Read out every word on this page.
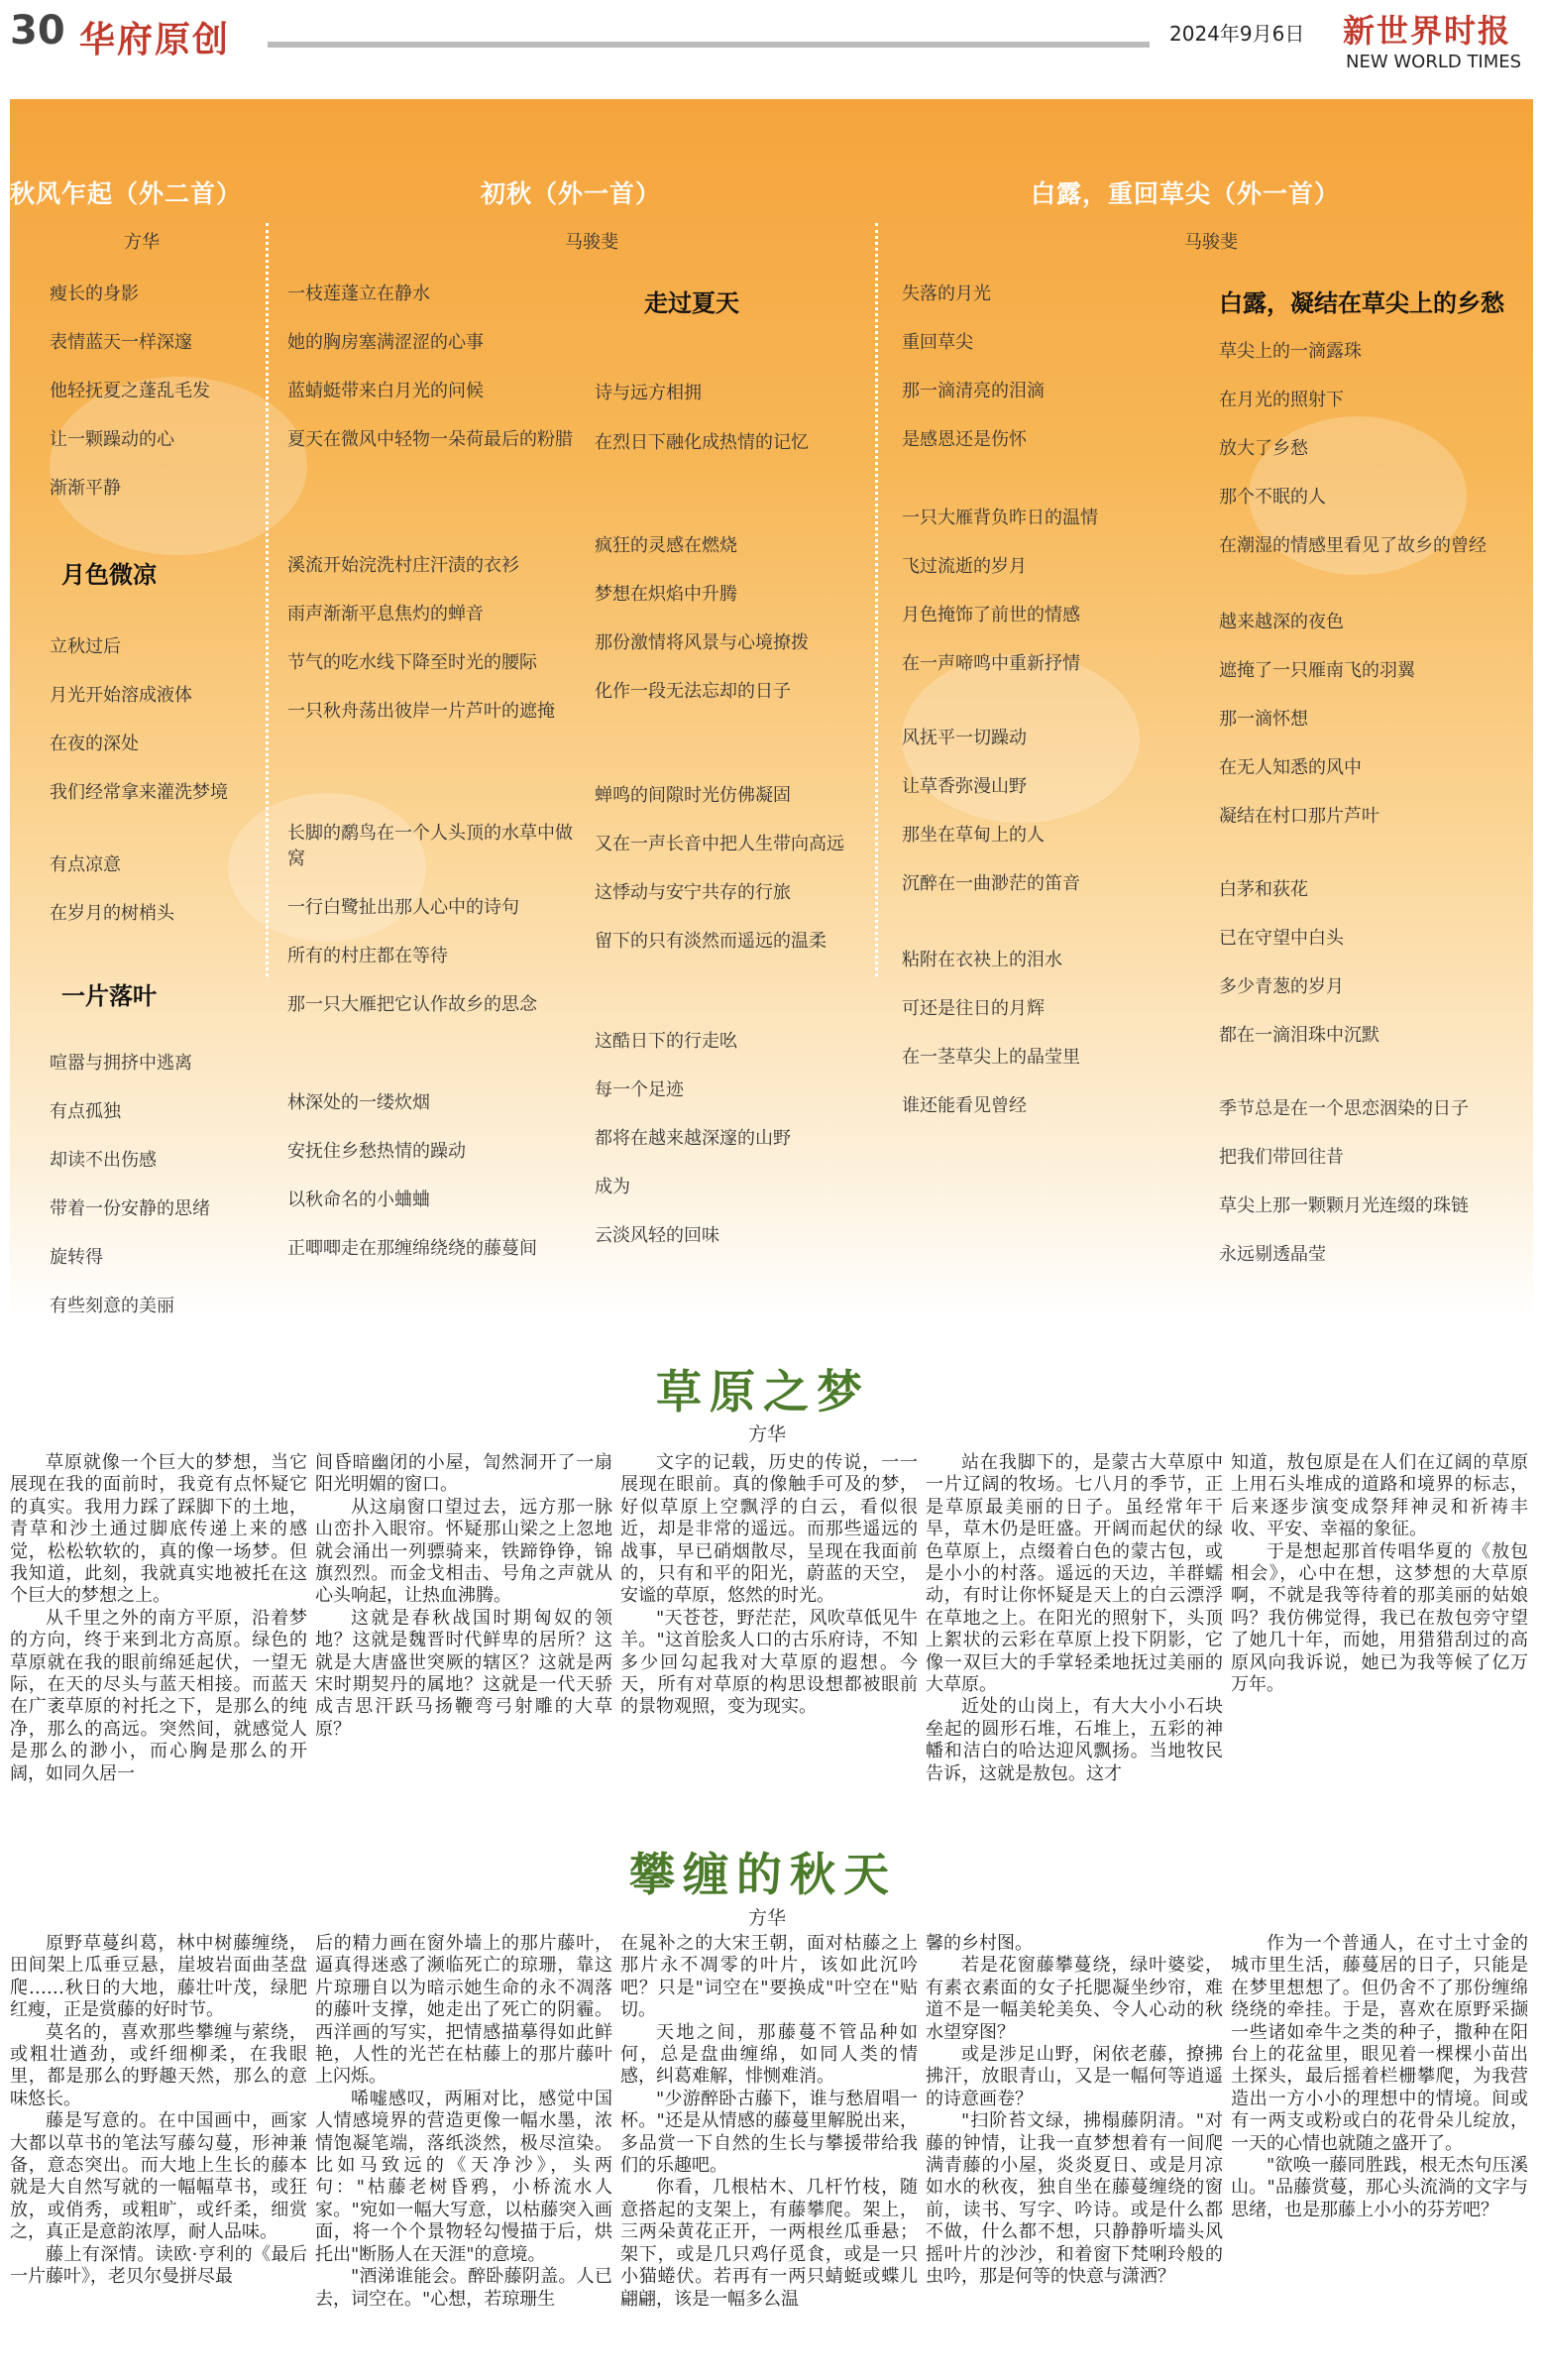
30 华府原创	2024年9月6日 新世界时报
NEW WORLD TIMES
秋风乍起（外二首）
方华
瘦长的身影
表情蓝天一样深邃
他轻抚夏之蓬乱毛发
让一颗躁动的心
渐渐平静
月色微凉
立秋过后
月光开始溶成液体
在夜的深处
我们经常拿来灌洗梦境
有点凉意
在岁月的树梢头
一片落叶
喧嚣与拥挤中逃离
有点孤独
却读不出伤感
带着一份安静的思绪
旋转得
有些刻意的美丽
初秋（外一首）
马骏斐
一枝莲蓬立在静水
她的胸房塞满涩涩的心事
蓝蜻蜓带来白月光的问候
夏天在微风中轻物一朵荷最后的粉腊
溪流开始浣洗村庄汗渍的衣衫
雨声渐渐平息焦灼的蝉音
节气的吃水线下降至时光的腰际
一只秋舟荡出彼岸一片芦叶的遮掩
长脚的鹬鸟在一个人头顶的水草中做窝
一行白鹭扯出那人心中的诗句
所有的村庄都在等待
那一只大雁把它认作故乡的思念
林深处的一缕炊烟
安抚住乡愁热情的躁动
以秋命名的小蛐蛐
正唧唧走在那缠绵绕绕的藤蔓间
走过夏天
诗与远方相拥
在烈日下融化成热情的记忆
疯狂的灵感在燃烧
梦想在炽焰中升腾
那份激情将风景与心境撩拨
化作一段无法忘却的日子
蝉鸣的间隙时光仿佛凝固
又在一声长音中把人生带向高远
这悸动与安宁共存的行旅
留下的只有淡然而遥远的温柔
这酷日下的行走吆
每一个足迹
都将在越来越深邃的山野
成为
云淡风轻的回味
白露，重回草尖（外一首）
马骏斐
失落的月光
重回草尖
那一滴清亮的泪滴
是感恩还是伤怀
一只大雁背负昨日的温情
飞过流逝的岁月
月色掩饰了前世的情感
在一声啼鸣中重新抒情
风抚平一切躁动
让草香弥漫山野
那坐在草甸上的人
沉醉在一曲渺茫的笛音
粘附在衣袂上的泪水
可还是往日的月辉
在一茎草尖上的晶莹里
谁还能看见曾经
白露，凝结在草尖上的乡愁
草尖上的一滴露珠
在月光的照射下
放大了乡愁
那个不眠的人
在潮湿的情感里看见了故乡的曾经
越来越深的夜色
遮掩了一只雁南飞的羽翼
那一滴怀想
在无人知悉的风中
凝结在村口那片芦叶
白茅和荻花
已在守望中白头
多少青葱的岁月
都在一滴泪珠中沉默
季节总是在一个思恋洇染的日子
把我们带回往昔
草尖上那一颗颗月光连缀的珠链
永远剔透晶莹
草原之梦
方华

草原就像一个巨大的梦想，当它展现在我的面前时，我竟有点怀疑它的真实。我用力踩了踩脚下的土地，青草和沙土通过脚底传递上来的感觉，松松软软的，真的像一场梦。但我知道，此刻，我就真实地被托在这个巨大的梦想之上。

从千里之外的南方平原，沿着梦的方向，终于来到北方高原。绿色的草原就在我的眼前绵延起伏，一望无际，在天的尽头与蓝天相接。而蓝天在广袤草原的衬托之下，是那么的纯净，那么的高远。突然间，就感觉人是那么的渺小，而心胸是那么的开阔，如同久居一

间昏暗幽闭的小屋，訇然洞开了一扇阳光明媚的窗口。

从这扇窗口望过去，远方那一脉山峦扑入眼帘。怀疑那山梁之上忽地就会涌出一列骠骑来，铁蹄铮铮，锦旗烈烈。而金戈相击、号角之声就从心头响起，让热血沸腾。

这就是春秋战国时期匈奴的领地？这就是魏晋时代鲜卑的居所？这就是大唐盛世突厥的辖区？这就是两宋时期契丹的属地？这就是一代天骄成吉思汗跃马扬鞭弯弓射雕的大草原？

文字的记载，历史的传说，一一展现在眼前。真的像触手可及的梦，好似草原上空飘浮的白云，看似很近，却是非常的遥远。而那些遥远的战事，早已硝烟散尽，呈现在我面前的，只有和平的阳光，蔚蓝的天空，安谧的草原，悠然的时光。

"天苍苍，野茫茫，风吹草低见牛羊。"这首脍炙人口的古乐府诗，不知多少回勾起我对大草原的遐想。今天，所有对草原的构思设想都被眼前的景物观照，变为现实。

站在我脚下的，是蒙古大草原中一片辽阔的牧场。七八月的季节，正是草原最美丽的日子。虽经常年干旱，草木仍是旺盛。开阔而起伏的绿色草原上，点缀着白色的蒙古包，或是小小的村落。遥远的天边，羊群蠕动，有时让你怀疑是天上的白云漂浮在草地之上。在阳光的照射下，头顶上絮状的云彩在草原上投下阴影，它像一双巨大的手掌轻柔地抚过美丽的大草原。

近处的山岗上，有大大小小石块垒起的圆形石堆，石堆上，五彩的神幡和洁白的哈达迎风飘扬。当地牧民告诉，这就是敖包。这才

知道，敖包原是在人们在辽阔的草原上用石头堆成的道路和境界的标志，后来逐步演变成祭拜神灵和祈祷丰收、平安、幸福的象征。

于是想起那首传唱华夏的《敖包相会》，心中在想，这梦想的大草原啊，不就是我等待着的那美丽的姑娘吗？我仿佛觉得，我已在敖包旁守望了她几十年，而她，用猎猎刮过的高原风向我诉说，她已为我等候了亿万万年。

攀缠的秋天
方华

原野草蔓纠葛，林中树藤缠绕，田间架上瓜垂豆悬，崖坡岩面曲茎盘爬……秋日的大地，藤壮叶茂，绿肥红瘦，正是赏藤的好时节。

莫名的，喜欢那些攀缠与萦绕，或粗壮遒劲，或纤细柳柔，在我眼里，都是那么的野趣天然，那么的意味悠长。

藤是写意的。在中国画中，画家大都以草书的笔法写藤勾蔓，形神兼备，意态突出。而大地上生长的藤本就是大自然写就的一幅幅草书，或狂放，或俏秀，或粗旷，或纤柔，细赏之，真正是意韵浓厚，耐人品味。

藤上有深情。读欧·亨利的《最后一片藤叶》，老贝尔曼拼尽最

后的精力画在窗外墙上的那片藤叶，逼真得迷惑了濒临死亡的琼珊，靠这片琼珊自以为暗示她生命的永不凋落的藤叶支撑，她走出了死亡的阴霾。西洋画的写实，把情感描摹得如此鲜艳，人性的光芒在枯藤上的那片藤叶上闪烁。

唏嘘感叹，两厢对比，感觉中国人情感境界的营造更像一幅水墨，浓情饱凝笔端，落纸淡然，极尽渲染。比如马致远的《天净沙》，头两句："枯藤老树昏鸦，小桥流水人家。"宛如一幅大写意，以枯藤突入画面，将一个个景物轻勾慢描于后，烘托出"断肠人在天涯"的意境。

"酒涕谁能会。醉卧藤阴盖。人已去，词空在。"心想，若琼珊生

在晁补之的大宋王朝，面对枯藤之上那片永不凋零的叶片，该如此沉吟吧？只是"词空在"要换成"叶空在"贴切。

天地之间，那藤蔓不管品种如何，总是盘曲缠绵，如同人类的情感，纠葛难解，悱恻难消。

"少游醉卧古藤下，谁与愁眉唱一杯。"还是从情感的藤蔓里解脱出来，多品赏一下自然的生长与攀援带给我们的乐趣吧。

你看，几根枯木、几杆竹枝，随意搭起的支架上，有藤攀爬。架上，三两朵黄花正开，一两根丝瓜垂悬；架下，或是几只鸡仔觅食，或是一只小猫蜷伏。若再有一两只蜻蜓或蝶儿翩翩，该是一幅多么温

馨的乡村图。

若是花窗藤攀蔓绕，绿叶婆娑，有素衣素面的女子托腮凝坐纱帘，难道不是一幅美轮美奂、令人心动的秋水望穿图？

或是涉足山野，闲依老藤，撩拂拂汗，放眼青山，又是一幅何等逍遥的诗意画卷？

"扫阶苔文绿，拂榻藤阴清。"对藤的钟情，让我一直梦想着有一间爬满青藤的小屋，炎炎夏日、或是月凉如水的秋夜，独自坐在藤蔓缠绕的窗前，读书、写字、吟诗。或是什么都不做，什么都不想，只静静听墙头风摇叶片的沙沙，和着窗下梵唎玲般的虫吟，那是何等的快意与潇洒？

作为一个普通人，在寸土寸金的城市里生活，藤蔓居的日子，只能是在梦里想想了。但仍舍不了那份缠绵绕绕的牵挂。于是，喜欢在原野采撷一些诸如牵牛之类的种子，撒种在阳台上的花盆里，眼见着一棵棵小苗出土探头，最后摇着栏栅攀爬，为我营造出一方小小的理想中的情境。间或有一两支或粉或白的花骨朵儿绽放，一天的心情也就随之盛开了。

"欲唤一藤同胜践，根无杰句压溪山。"品藤赏蔓，那心头流淌的文字与思绪，也是那藤上小小的芬芳吧？
